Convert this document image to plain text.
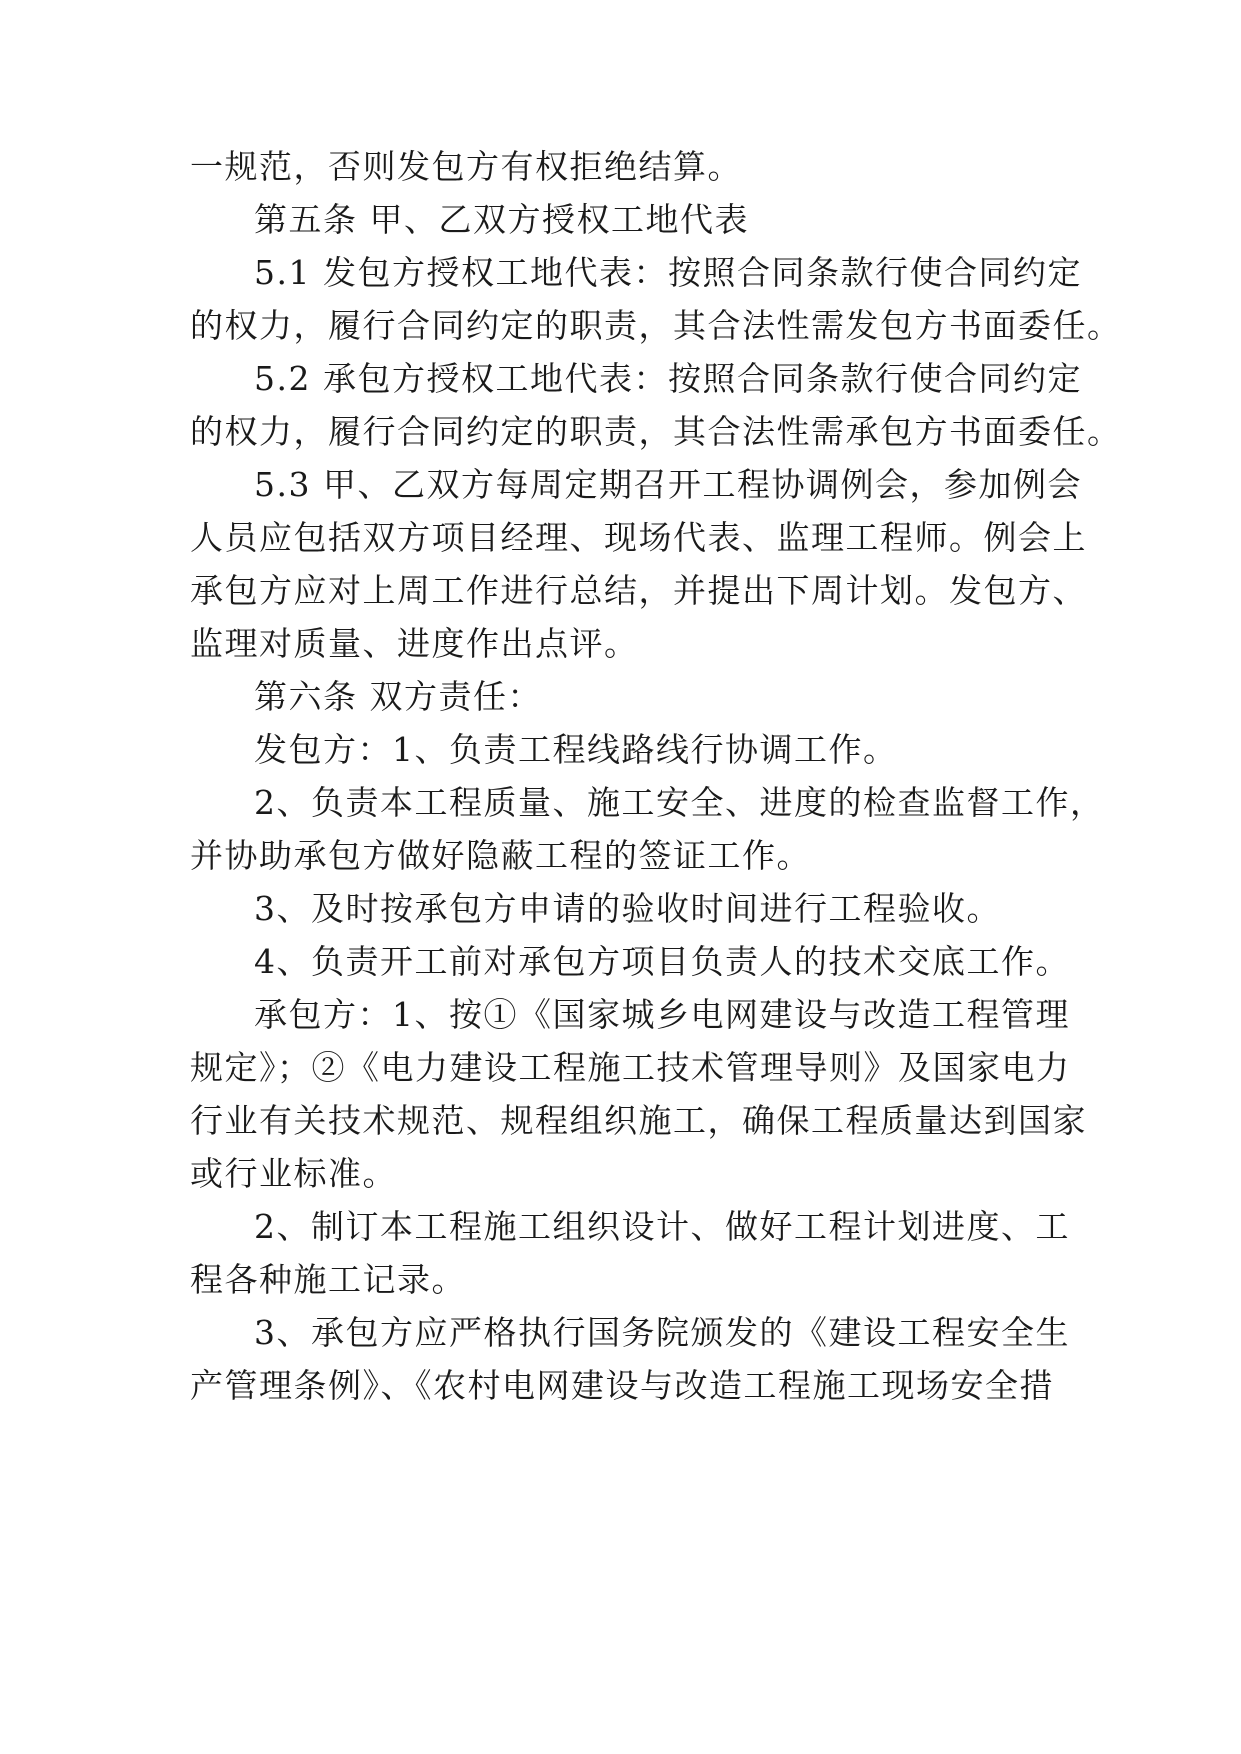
一规范，否则发包方有权拒绝结算。
第五条 甲、乙双方授权工地代表
5.1 发包方授权工地代表：按照合同条款行使合同约定
的权力，履行合同约定的职责，其合法性需发包方书面委任。
5.2 承包方授权工地代表：按照合同条款行使合同约定
的权力，履行合同约定的职责，其合法性需承包方书面委任。
5.3 甲、乙双方每周定期召开工程协调例会，参加例会
人员应包括双方项目经理、现场代表、监理工程师。例会上
承包方应对上周工作进行总结，并提出下周计划。发包方、
监理对质量、进度作出点评。
第六条 双方责任：
发包方：1、负责工程线路线行协调工作。
2、负责本工程质量、施工安全、进度的检查监督工作，
并协助承包方做好隐蔽工程的签证工作。
3、及时按承包方申请的验收时间进行工程验收。
4、负责开工前对承包方项目负责人的技术交底工作。
承包方：1、按①《国家城乡电网建设与改造工程管理
规定》；②《电力建设工程施工技术管理导则》及国家电力
行业有关技术规范、规程组织施工，确保工程质量达到国家
或行业标准。
2、制订本工程施工组织设计、做好工程计划进度、工
程各种施工记录。
3、承包方应严格执行国务院颁发的《建设工程安全生
产管理条例》、《农村电网建设与改造工程施工现场安全措
